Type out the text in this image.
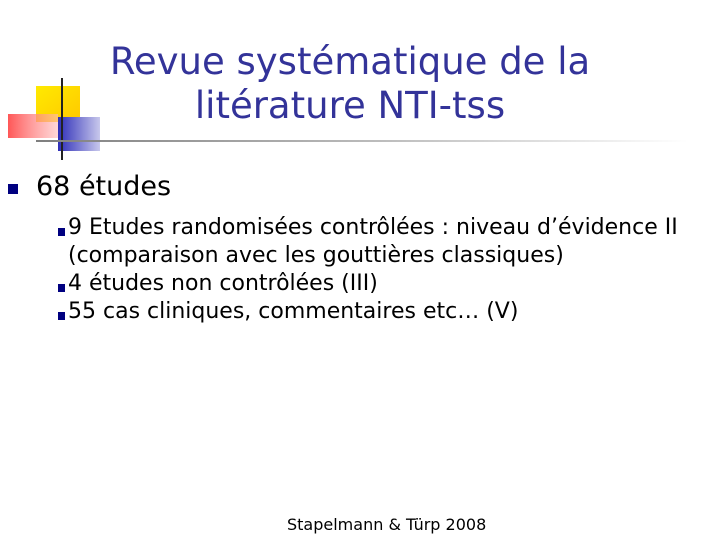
Revue systématique de la
litérature NTI-tss
68 études
9 Etudes randomisées contrôlées : niveau d’évidence II (comparaison avec les gouttières classiques)
4 études non contrôlées (III)
55 cas cliniques, commentaires etc… (V)
Stapelmann & Türp 2008
